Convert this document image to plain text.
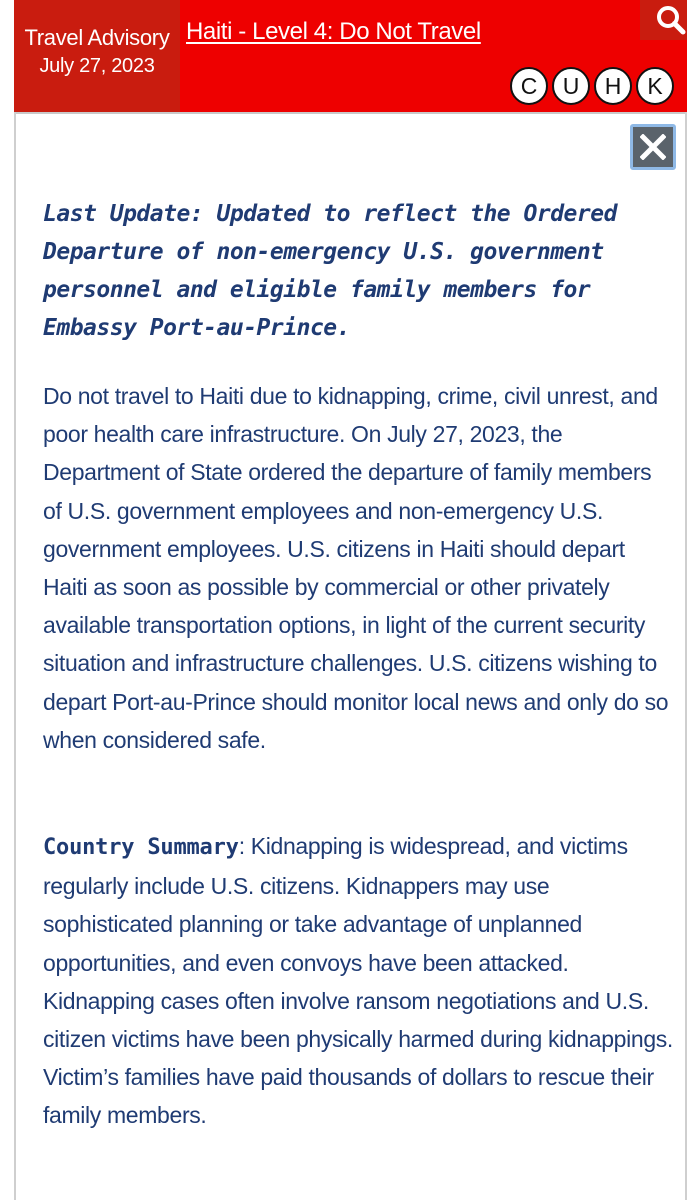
Travel Advisory
July 27, 2023
Haiti - Level 4: Do Not Travel
C	U	H	K

Last Update: Updated to reflect the Ordered Departure of non-emergency U.S. government personnel and eligible family members for Embassy Port-au-Prince.

Do not travel to Haiti due to kidnapping, crime, civil unrest, and poor health care infrastructure. On July 27, 2023, the Department of State ordered the departure of family members of U.S. government employees and non-emergency U.S. government employees. U.S. citizens in Haiti should depart Haiti as soon as possible by commercial or other privately available transportation options, in light of the current security situation and infrastructure challenges. U.S. citizens wishing to depart Port-au-Prince should monitor local news and only do so when considered safe.

Country Summary: Kidnapping is widespread, and victims regularly include U.S. citizens. Kidnappers may use sophisticated planning or take advantage of unplanned opportunities, and even convoys have been attacked. Kidnapping cases often involve ransom negotiations and U.S. citizen victims have been physically harmed during kidnappings. Victim’s families have paid thousands of dollars to rescue their family members.
